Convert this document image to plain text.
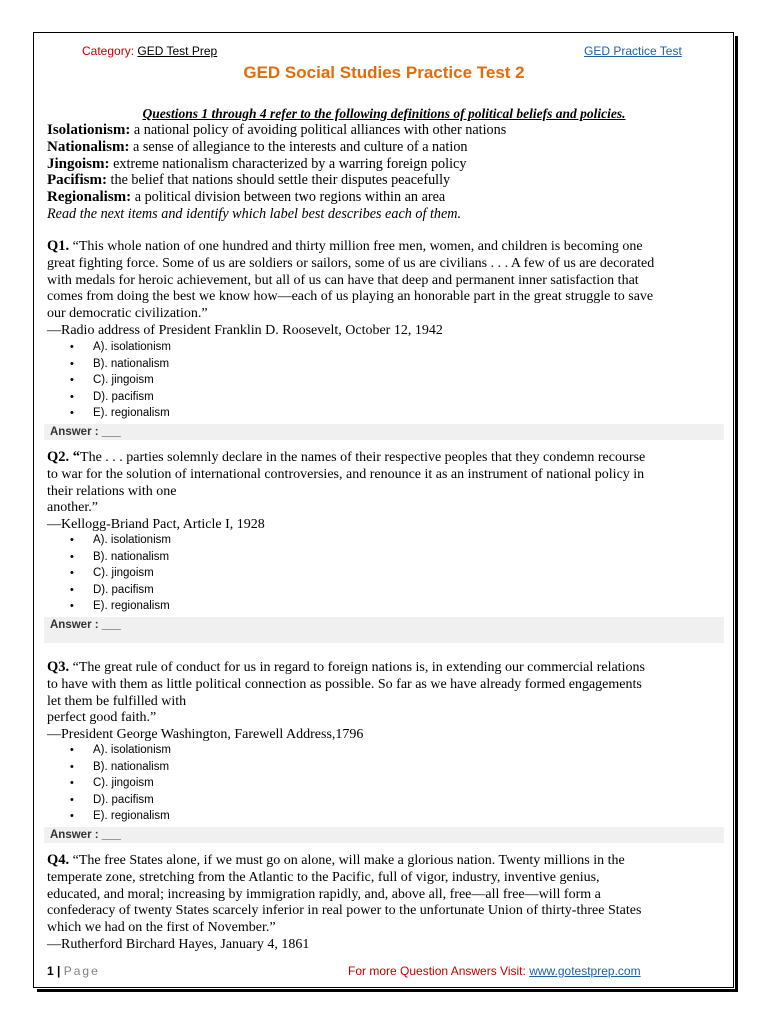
Category: GED Test Prep	GED Practice Test
GED Social Studies Practice Test 2
Questions 1 through 4 refer to the following definitions of political beliefs and policies.
Isolationism: a national policy of avoiding political alliances with other nations
Nationalism: a sense of allegiance to the interests and culture of a nation
Jingoism: extreme nationalism characterized by a warring foreign policy
Pacifism: the belief that nations should settle their disputes peacefully
Regionalism: a political division between two regions within an area
Read the next items and identify which label best describes each of them.
Q1. “This whole nation of one hundred and thirty million free men, women, and children is becoming one
great fighting force. Some of us are soldiers or sailors, some of us are civilians . . . A few of us are decorated
with medals for heroic achievement, but all of us can have that deep and permanent inner satisfaction that
comes from doing the best we know how—each of us playing an honorable part in the great struggle to save
our democratic civilization.”
—Radio address of President Franklin D. Roosevelt, October 12, 1942
• A). isolationism
• B). nationalism
• C). jingoism
• D). pacifism
• E). regionalism
Answer : ___
Q2. “The . . . parties solemnly declare in the names of their respective peoples that they condemn recourse
to war for the solution of international controversies, and renounce it as an instrument of national policy in
their relations with one
another.”
—Kellogg-Briand Pact, Article I, 1928
• A). isolationism
• B). nationalism
• C). jingoism
• D). pacifism
• E). regionalism
Answer : ___
Q3. “The great rule of conduct for us in regard to foreign nations is, in extending our commercial relations
to have with them as little political connection as possible. So far as we have already formed engagements
let them be fulfilled with
perfect good faith.”
—President George Washington, Farewell Address,1796
• A). isolationism
• B). nationalism
• C). jingoism
• D). pacifism
• E). regionalism
Answer : ___
Q4. “The free States alone, if we must go on alone, will make a glorious nation. Twenty millions in the
temperate zone, stretching from the Atlantic to the Pacific, full of vigor, industry, inventive genius,
educated, and moral; increasing by immigration rapidly, and, above all, free—all free—will form a
confederacy of twenty States scarcely inferior in real power to the unfortunate Union of thirty-three States
which we had on the first of November.”
—Rutherford Birchard Hayes, January 4, 1861
1 | Page	For more Question Answers Visit: www.gotestprep.com
